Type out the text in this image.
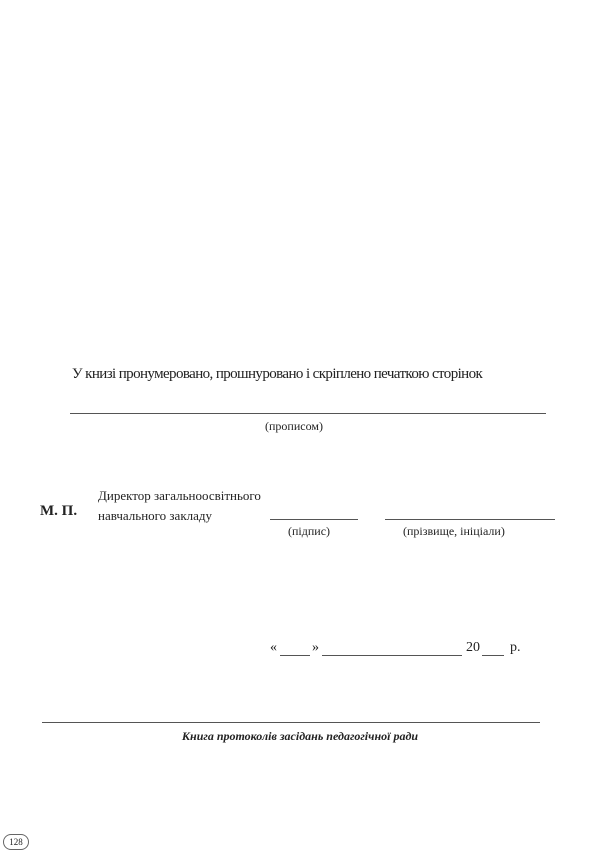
У книзі пронумеровано, прошнуровано і скріплено печаткою сторінок
(прописом)
М. П.
Директор загальноосвітнього
навчального закладу
(підпис)	(прізвище, ініціали)
«	»	20 р.
Книга протоколів засідань педагогічної ради
128
